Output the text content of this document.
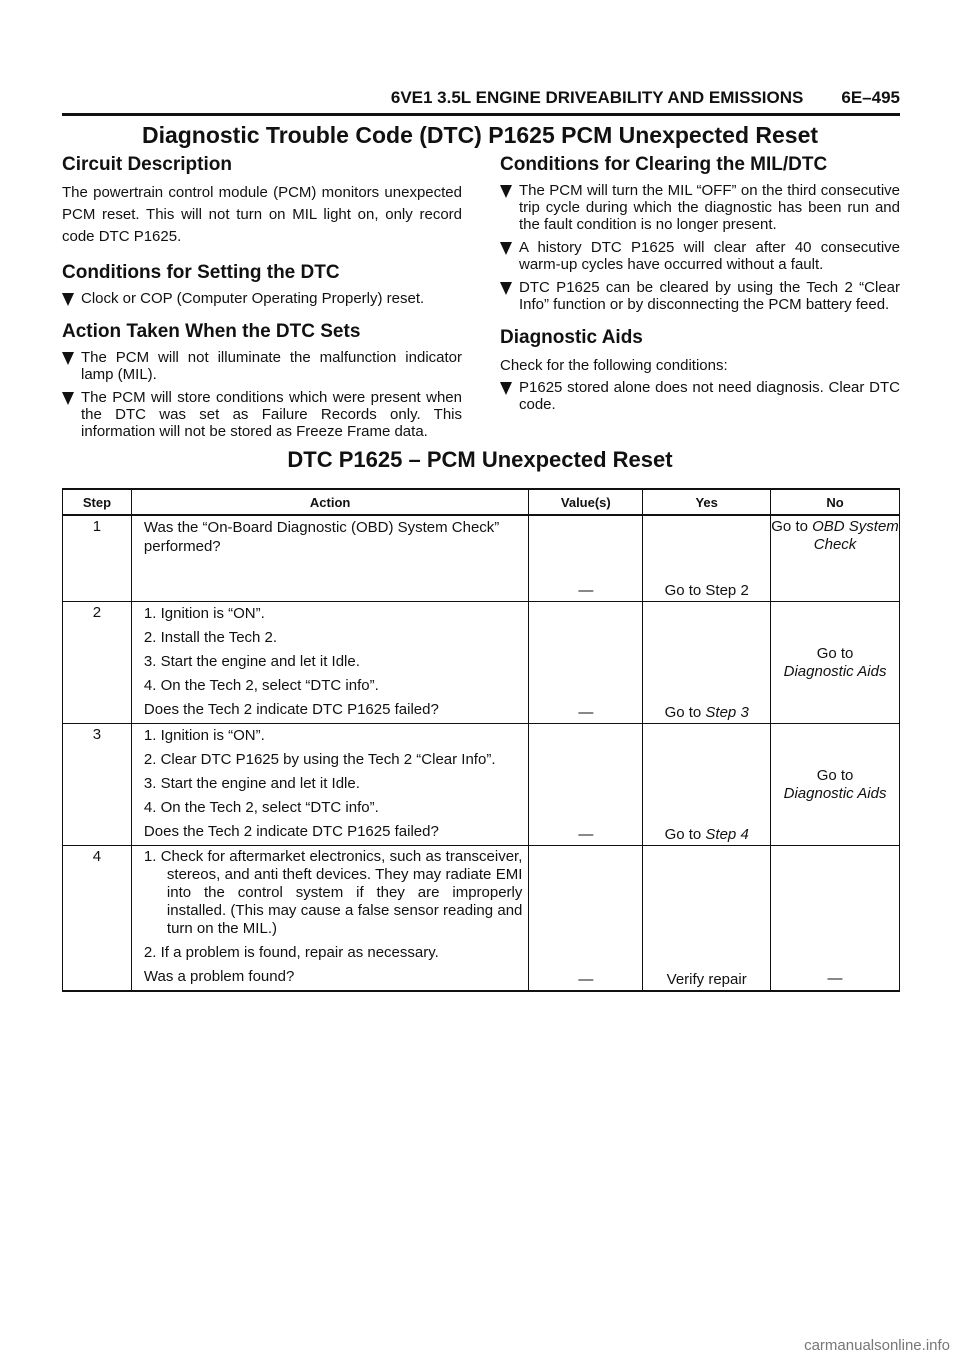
6VE1 3.5L ENGINE DRIVEABILITY AND EMISSIONS 6E–495
Diagnostic Trouble Code (DTC) P1625 PCM Unexpected Reset
Circuit Description

The powertrain control module (PCM) monitors unexpected PCM reset. This will not turn on MIL light on, only record code DTC P1625.

Conditions for Setting the DTC
Clock or COP (Computer Operating Properly) reset.
Action Taken When the DTC Sets
The PCM will not illuminate the malfunction indicator lamp (MIL).
The PCM will store conditions which were present when the DTC was set as Failure Records only. This information will not be stored as Freeze Frame data.
Conditions for Clearing the MIL/DTC
The PCM will turn the MIL “OFF” on the third consecutive trip cycle during which the diagnostic has been run and the fault condition is no longer present.
A history DTC P1625 will clear after 40 consecutive warm-up cycles have occurred without a fault.
DTC P1625 can be cleared by using the Tech 2 “Clear Info” function or by disconnecting the PCM battery feed.
Diagnostic Aids

Check for the following conditions:

P1625 stored alone does not need diagnosis. Clear DTC code.
DTC P1625 – PCM Unexpected Reset
Step	Action	Value(s)	Yes	No
1	Was the “On-Board Diagnostic (OBD) System Check” performed?	—	Go to Step 2	Go to OBD System Check
2	1. Ignition is “ON”.
2. Install the Tech 2.
3. Start the engine and let it Idle.
4. On the Tech 2, select “DTC info”.
Does the Tech 2 indicate DTC P1625 failed?	—	Go to Step 3	Go to
Diagnostic Aids
3	1. Ignition is “ON”.
2. Clear DTC P1625 by using the Tech 2 “Clear Info”.
3. Start the engine and let it Idle.
4. On the Tech 2, select “DTC info”.
Does the Tech 2 indicate DTC P1625 failed?	—	Go to Step 4	Go to
Diagnostic Aids
4	1. Check for aftermarket electronics, such as transceiver, stereos, and anti theft devices. They may radiate EMI into the control system if they are improperly installed. (This may cause a false sensor reading and turn on the MIL.)
2. If a problem is found, repair as necessary.
Was a problem found?	—	Verify repair	—
carmanualsonline.info
